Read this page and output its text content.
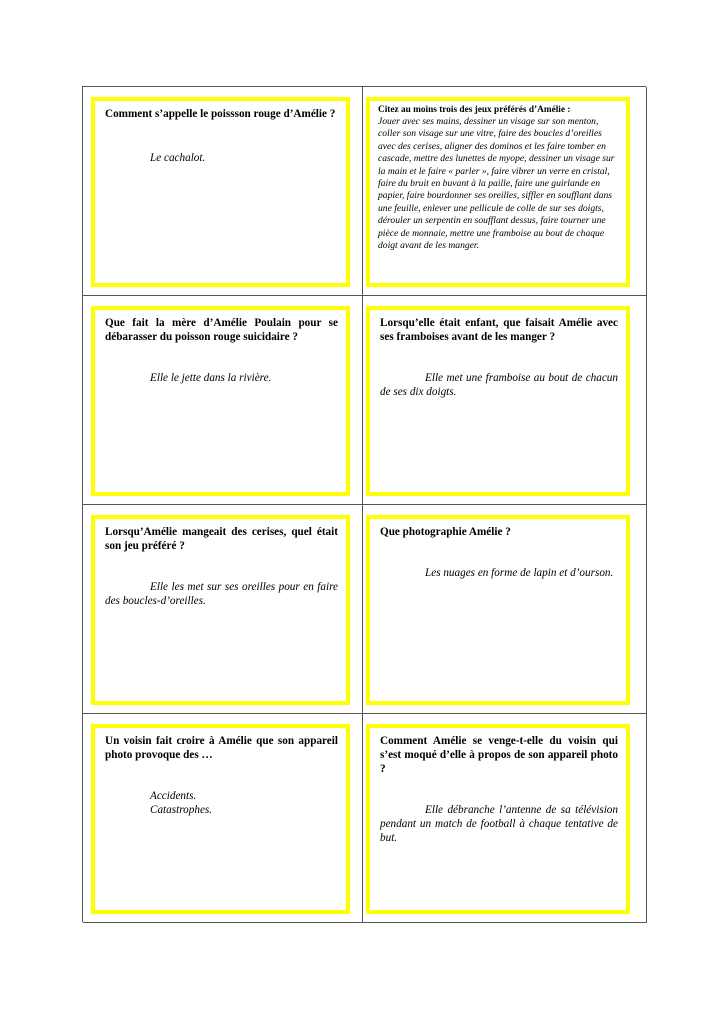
Comment s’appelle le poissson rouge d’Amélie ?

Le cachalot.

Citez au moins trois des jeux préférés d’Amélie :

Jouer avec ses mains, dessiner un visage sur son menton, coller son visage sur une vitre, faire des boucles d’oreilles avec des cerises, aligner des dominos et les faire tomber en cascade, mettre des lunettes de myope, dessiner un visage sur la main et le faire « parler », faire vibrer un verre en cristal, faire du bruit en buvant à la paille, faire une guirlande en papier, faire bourdonner ses oreilles, siffler en soufflant dans une feuille, enlever une pellicule de colle de sur ses doigts, dérouler un serpentin en soufflant dessus, faire tourner une pièce de monnaie, mettre une framboise au bout de chaque doigt avant de les manger.

Que fait la mère d’Amélie Poulain pour se débarasser du poisson rouge suicidaire ?

Elle le jette dans la rivière.

Lorsqu’elle était enfant, que faisait Amélie avec ses framboises avant de les manger ?

Elle met une framboise au bout de chacun de ses dix doigts.

Lorsqu’Amélie mangeait des cerises, quel était son jeu préféré ?

Elle les met sur ses oreilles pour en faire des boucles-d’oreilles.

Que photographie Amélie ?

Les nuages en forme de lapin et d’ourson.

Un voisin fait croire à Amélie que son appareil photo provoque des …

Accidents.
Catastrophes.

Comment Amélie se venge-t-elle du voisin qui s’est moqué d’elle à propos de son appareil photo ?

Elle débranche l’antenne de sa télévision pendant un match de football à chaque tentative de but.
